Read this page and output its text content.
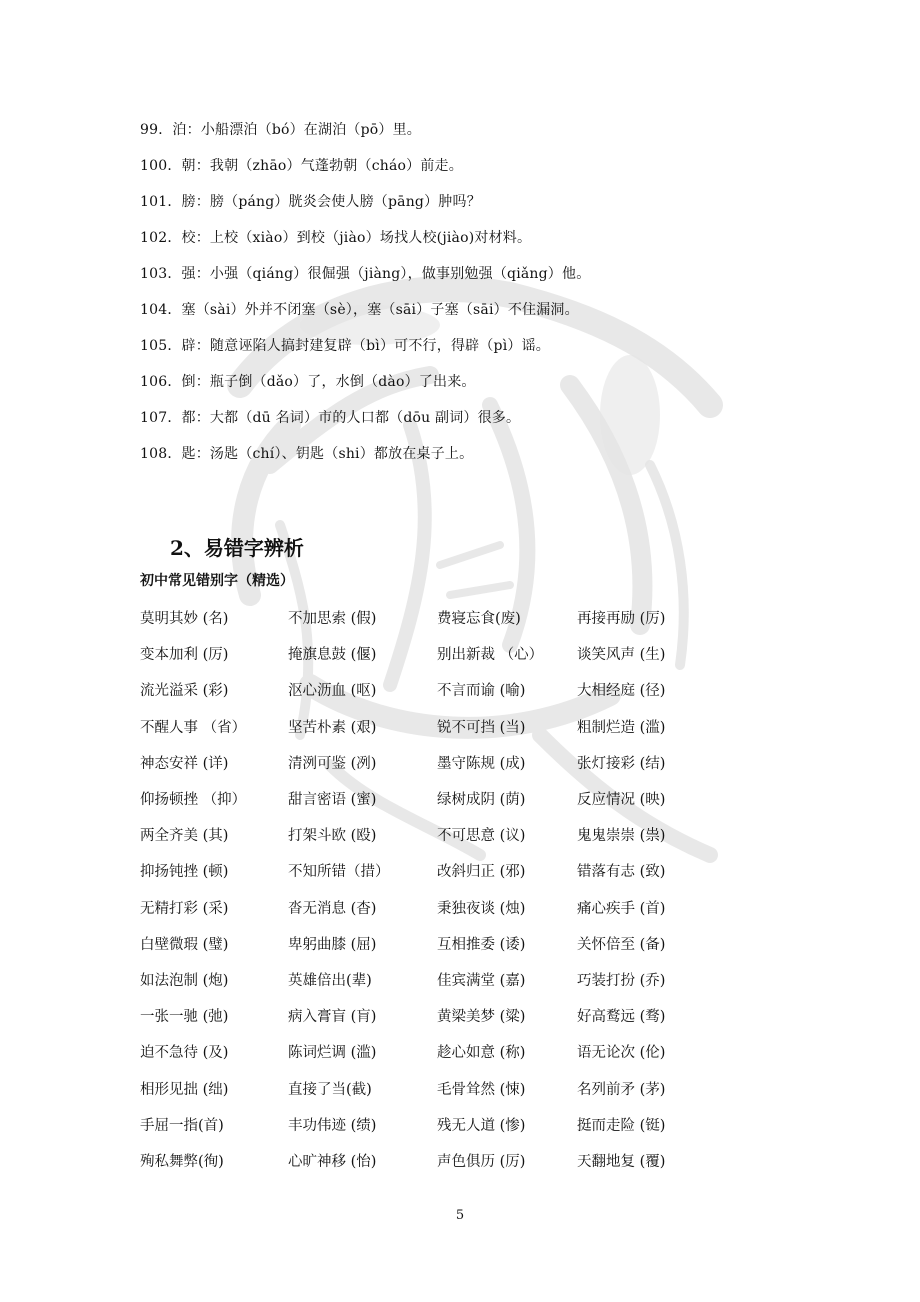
99．泊：小船漂泊（bó）在湖泊（pō）里。
100．朝：我朝（zhāo）气蓬勃朝（cháo）前走。
101．膀：膀（páng）胱炎会使人膀（pāng）肿吗？
102．校：上校（xiào）到校（jiào）场找人校(jiào)对材料。
103．强：小强（qiáng）很倔强（jiàng），做事别勉强（qiǎng）他。
104．塞（sài）外并不闭塞（sè），塞（sāi）子塞（sāi）不住漏洞。
105．辟：随意诬陷人搞封建复辟（bì）可不行，得辟（pì）谣。
106．倒：瓶子倒（dǎo）了，水倒（dào）了出来。
107．都：大都（dū 名词）市的人口都（dōu 副词）很多。
108．匙：汤匙（chí）、钥匙（shi）都放在桌子上。
2、易错字辨析
初中常见错别字（精选）
莫明其妙 (名)	不加思索 (假)	费寝忘食(废)	再接再励 (厉)
变本加利 (厉)	掩旗息鼓 (偃)	别出新裁 （心） 谈笑风声 (生)
流光溢采 (彩)	沤心沥血 (呕)	不言而谕 (喻)	大相经庭 (径)
不醒人事 （省）	坚苦朴素 (艰)	锐不可挡 (当)	粗制烂造 (滥)
神态安祥 (详)	清洌可鉴 (冽)	墨守陈规 (成)	张灯接彩 (结)
仰扬顿挫 （抑）	甜言密语 (蜜)	绿树成阴 (荫)	反应情况 (映)
两全齐美 (其)	打架斗欧 (殴)	不可思意 (议)	鬼鬼崇崇 (祟)
抑扬钝挫 (顿)	不知所错（措）	改斜归正 (邪)	错落有志 (致)
无精打彩 (采)	沓无消息 (杳)	秉独夜谈 (烛)	痛心疾手 (首)
白壁微瑕 (璧)	卑躬曲膝 (屈)	互相推委 (诿)	关怀倍至 (备)
如法泡制 (炮)	英雄倍出(辈)	佳宾满堂 (嘉)	巧装打扮 (乔)
一张一驰 (弛)	病入膏盲 (肓)	黄梁美梦 (粱)	好高鹜远 (骛)
迫不急待 (及)	陈词烂调 (滥)	趁心如意 (称)	语无论次 (伦)
相形见拙 (绌)	直接了当(截)	毛骨耸然 (悚)	名列前矛 (茅)
手屈一指(首)	丰功伟迹 (绩)	残无人道 (惨)	挺而走险 (铤)
殉私舞弊(徇)	心旷神移 (怡)	声色俱历 (厉)	天翻地复 (覆)
5
